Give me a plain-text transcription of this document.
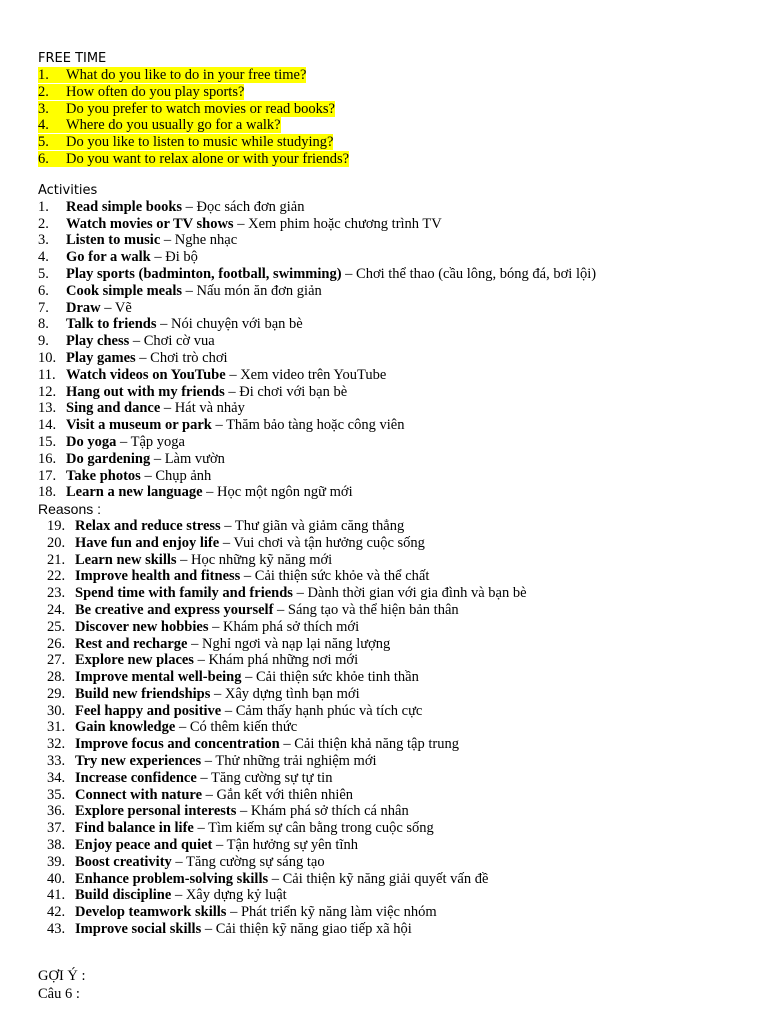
FREE TIME
1. What do you like to do in your free time?
2. How often do you play sports?
3. Do you prefer to watch movies or read books?
4. Where do you usually go for a walk?
5. Do you like to listen to music while studying?
6. Do you want to relax alone or with your friends?
Activities
1. Read simple books – Đọc sách đơn giản
2. Watch movies or TV shows – Xem phim hoặc chương trình TV
3. Listen to music – Nghe nhạc
4. Go for a walk – Đi bộ
5. Play sports (badminton, football, swimming) – Chơi thể thao (cầu lông, bóng đá, bơi lội)
6. Cook simple meals – Nấu món ăn đơn giản
7. Draw – Vẽ
8. Talk to friends – Nói chuyện với bạn bè
9. Play chess – Chơi cờ vua
10. Play games – Chơi trò chơi
11. Watch videos on YouTube – Xem video trên YouTube
12. Hang out with my friends – Đi chơi với bạn bè
13. Sing and dance – Hát và nhảy
14. Visit a museum or park – Thăm bảo tàng hoặc công viên
15. Do yoga – Tập yoga
16. Do gardening – Làm vườn
17. Take photos – Chụp ảnh
18. Learn a new language – Học một ngôn ngữ mới
Reasons :
19. Relax and reduce stress – Thư giãn và giảm căng thẳng
20. Have fun and enjoy life – Vui chơi và tận hưởng cuộc sống
21. Learn new skills – Học những kỹ năng mới
22. Improve health and fitness – Cải thiện sức khỏe và thể chất
23. Spend time with family and friends – Dành thời gian với gia đình và bạn bè
24. Be creative and express yourself – Sáng tạo và thể hiện bản thân
25. Discover new hobbies – Khám phá sở thích mới
26. Rest and recharge – Nghỉ ngơi và nạp lại năng lượng
27. Explore new places – Khám phá những nơi mới
28. Improve mental well-being – Cải thiện sức khỏe tinh thần
29. Build new friendships – Xây dựng tình bạn mới
30. Feel happy and positive – Cảm thấy hạnh phúc và tích cực
31. Gain knowledge – Có thêm kiến thức
32. Improve focus and concentration – Cải thiện khả năng tập trung
33. Try new experiences – Thử những trải nghiệm mới
34. Increase confidence – Tăng cường sự tự tin
35. Connect with nature – Gắn kết với thiên nhiên
36. Explore personal interests – Khám phá sở thích cá nhân
37. Find balance in life – Tìm kiếm sự cân bằng trong cuộc sống
38. Enjoy peace and quiet – Tận hưởng sự yên tĩnh
39. Boost creativity – Tăng cường sự sáng tạo
40. Enhance problem-solving skills – Cải thiện kỹ năng giải quyết vấn đề
41. Build discipline – Xây dựng kỷ luật
42. Develop teamwork skills – Phát triển kỹ năng làm việc nhóm
43. Improve social skills – Cải thiện kỹ năng giao tiếp xã hội
GỢI Ý :
Câu 6 :
